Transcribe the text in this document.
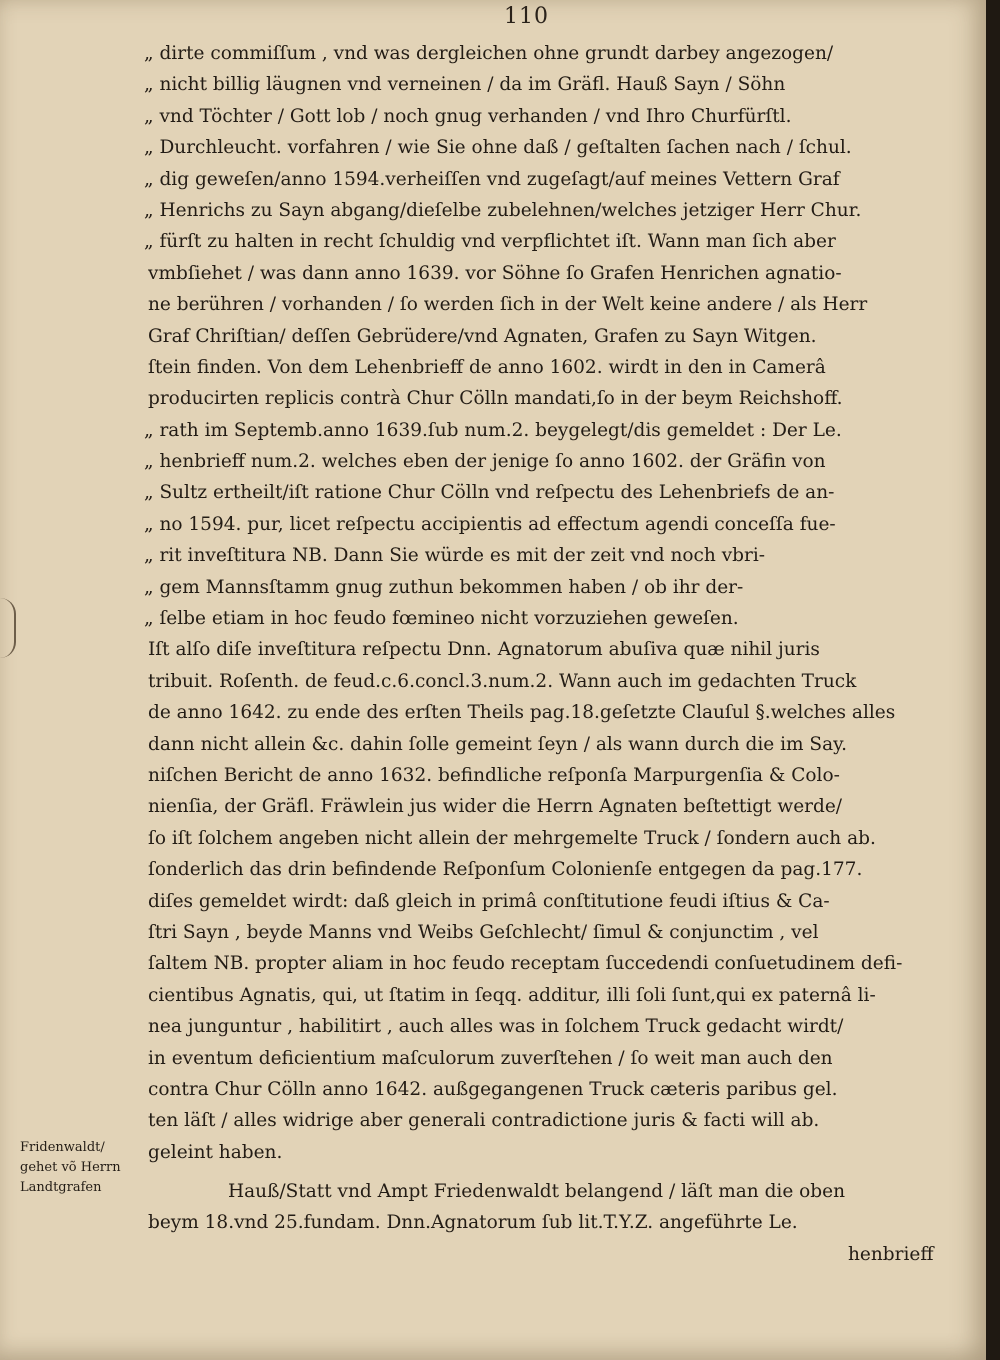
110
„ dirte commiſſum , vnd was dergleichen ohne grundt darbey angezogen/
„ nicht billig läugnen vnd verneinen / da im Gräfl. Hauß Sayn / Söhn
„ vnd Töchter / Gott lob / noch gnug verhanden / vnd Ihro Churfürſtl.
„ Durchleucht. vorfahren / wie Sie ohne daß / geſtalten ſachen nach / ſchul.
„ dig geweſen/anno 1594.verheiſſen vnd zugeſagt/auf meines Vettern Graf
„ Henrichs zu Sayn abgang/dieſelbe zubelehnen/welches jetziger Herr Chur.
„ fürſt zu halten in recht ſchuldig vnd verpflichtet iſt. Wann man ſich aber
vmbſiehet / was dann anno 1639. vor Söhne ſo Grafen Henrichen agnatio-
ne berühren / vorhanden / ſo werden ſich in der Welt keine andere / als Herr
Graf Chriſtian/ deſſen Gebrüdere/vnd Agnaten, Grafen zu Sayn Witgen.
ſtein finden. Von dem Lehenbrieff de anno 1602. wirdt in den in Camerâ
producirten replicis contrà Chur Cölln mandati,ſo in der beym Reichshoff.
„ rath im Septemb.anno 1639.ſub num.2. beygelegt/dis gemeldet : Der Le.
„ henbrieff num.2. welches eben der jenige ſo anno 1602. der Gräfin von
„ Sultz ertheilt/iſt ratione Chur Cölln vnd reſpectu des Lehenbriefs de an-
„ no 1594. pur, licet reſpectu accipientis ad effectum agendi conceſſa fue-
„ rit inveſtitura NB. Dann Sie würde es mit der zeit vnd noch vbri-
„ gem Mannsſtamm gnug zuthun bekommen haben / ob ihr der-
„ ſelbe etiam in hoc feudo fœmineo nicht vorzuziehen geweſen.
Iſt alſo diſe inveſtitura reſpectu Dnn. Agnatorum abuſiva quæ nihil juris
tribuit. Roſenth. de feud.c.6.concl.3.num.2. Wann auch im gedachten Truck
de anno 1642. zu ende des erſten Theils pag.18.geſetzte Clauſul §.welches alles
dann nicht allein &c. dahin ſolle gemeint ſeyn / als wann durch die im Say.
niſchen Bericht de anno 1632. befindliche reſponſa Marpurgenſia & Colo-
nienſia, der Gräfl. Fräwlein jus wider die Herrn Agnaten beſtettigt werde/
ſo iſt ſolchem angeben nicht allein der mehrgemelte Truck / ſondern auch ab.
ſonderlich das drin befindende Reſponſum Colonienſe entgegen da pag.177.
diſes gemeldet wirdt: daß gleich in primâ conſtitutione feudi iſtius & Ca-
ſtri Sayn , beyde Manns vnd Weibs Geſchlecht/ ſimul & conjunctim , vel
ſaltem NB. propter aliam in hoc feudo receptam ſuccedendi conſuetudinem defi-
cientibus Agnatis, qui, ut ſtatim in ſeqq. additur, illi ſoli ſunt,qui ex paternâ li-
nea junguntur , habilitirt , auch alles was in ſolchem Truck gedacht wirdt/
in eventum deficientium maſculorum zuverſtehen / ſo weit man auch den
contra Chur Cölln anno 1642. außgegangenen Truck cæteris paribus gel.
ten läſt / alles widrige aber generali contradictione juris & facti will ab.
geleint haben.
Hauß/Statt vnd Ampt Friedenwaldt belangend / läſt man die oben
beym 18.vnd 25.fundam. Dnn.Agnatorum ſub lit.T.Y.Z. angeführte Le.
henbrieff
Fridenwaldt/
gehet võ Herrn
Landtgrafen
